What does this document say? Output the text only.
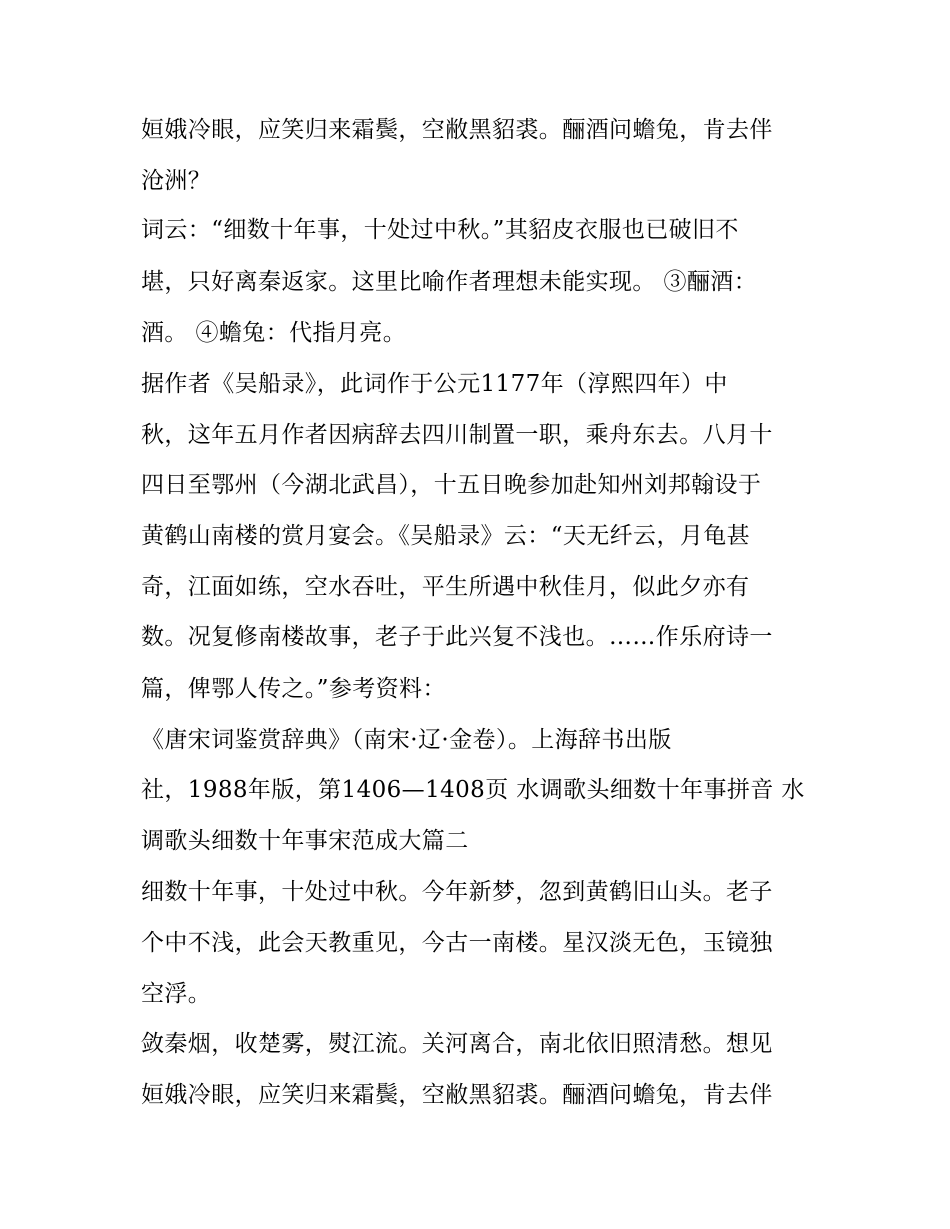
姮娥冷眼，应笑归来霜鬓，空敝黑貂裘。酾酒问蟾兔，肯去伴
沧洲？
词云：“细数十年事，十处过中秋。”其貂皮衣服也已破旧不
堪，只好离秦返家。这里比喻作者理想未能实现。 ③酾酒：
酒。 ④蟾兔：代指月亮。
据作者《吴船录》，此词作于公元1177年（淳熙四年）中
秋，这年五月作者因病辞去四川制置一职，乘舟东去。八月十
四日至鄂州（今湖北武昌），十五日晚参加赴知州刘邦翰设于
黄鹤山南楼的赏月宴会。《吴船录》云：“天无纤云，月龟甚
奇，江面如练，空水吞吐，平生所遇中秋佳月，似此夕亦有
数。况复修南楼故事，老子于此兴复不浅也。……作乐府诗一
篇，俾鄂人传之。”参考资料：
《唐宋词鉴赏辞典》（南宋·辽·金卷）。上海辞书出版
社，1988年版，第1406—1408页 水调歌头细数十年事拼音 水
调歌头细数十年事宋范成大篇二
细数十年事，十处过中秋。今年新梦，忽到黄鹤旧山头。老子
个中不浅，此会天教重见，今古一南楼。星汉淡无色，玉镜独
空浮。
敛秦烟，收楚雾，熨江流。关河离合，南北依旧照清愁。想见
姮娥冷眼，应笑归来霜鬓，空敝黑貂裘。酾酒问蟾兔，肯去伴
